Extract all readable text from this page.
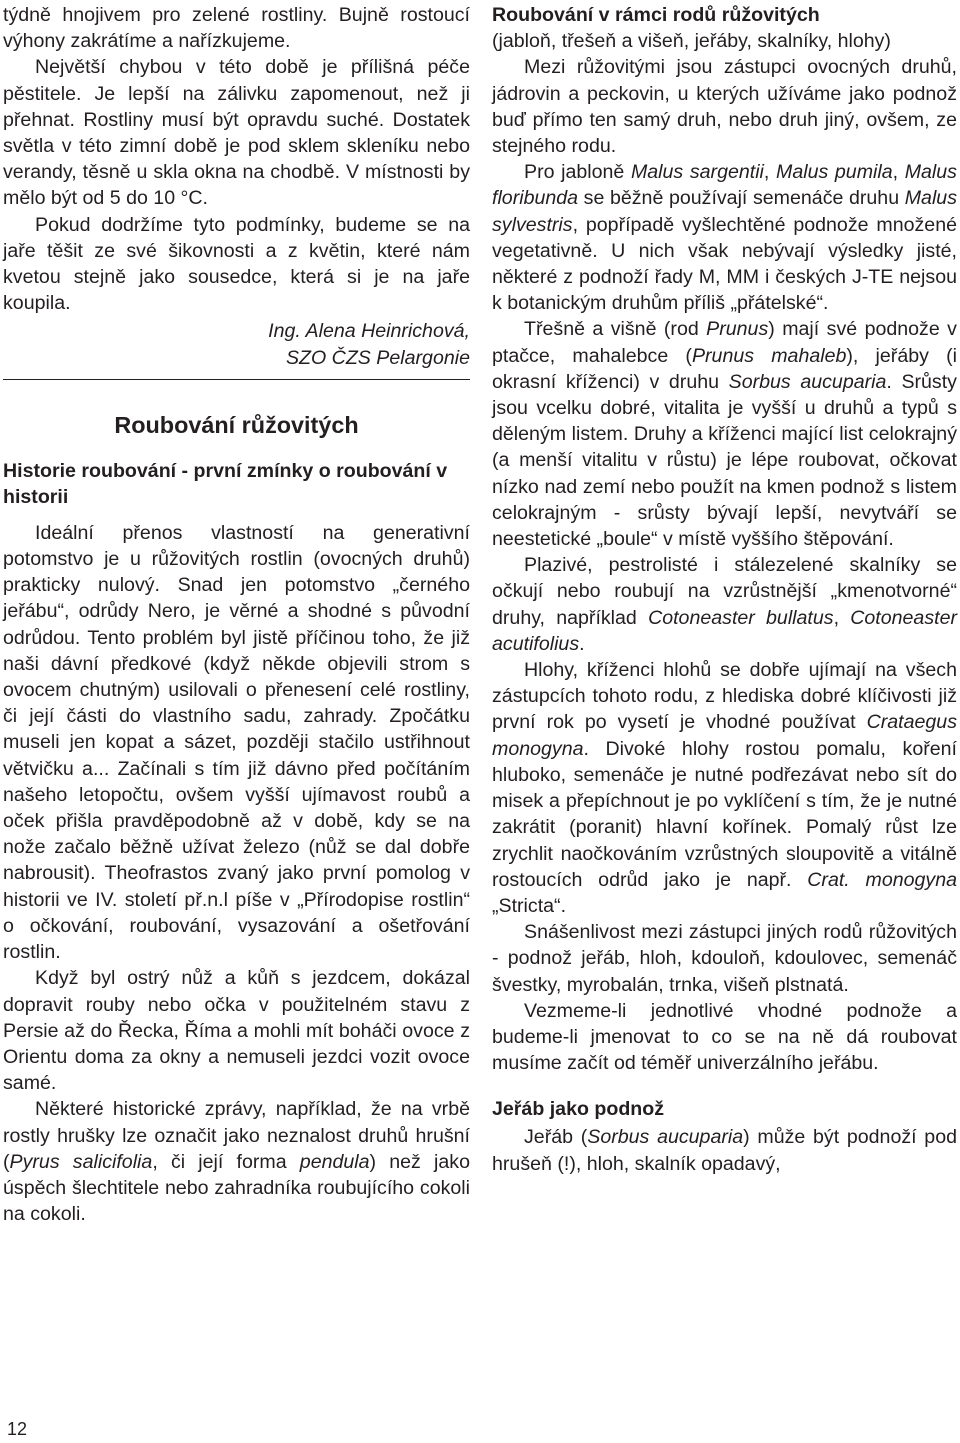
týdně hnojivem pro zelené rostliny. Bujně rostoucí výhony zakrátíme a nařízkujeme.

Největší chybou v této době je přílišná péče pěstitele. Je lepší na zálivku zapomenout, než ji přehnat. Rostliny musí být opravdu suché. Dostatek světla v této zimní době je pod sklem skleníku nebo verandy, těsně u skla okna na chodbě. V místnosti by mělo být od 5 do 10 °C.

Pokud dodržíme tyto podmínky, budeme se na jaře těšit ze své šikovnosti a z květin, které nám kvetou stejně jako sousedce, která si je na jaře koupila.

Ing. Alena Heinrichová,
SZO ČZS Pelargonie

Roubování růžovitých
Historie roubování - první zmínky o roubování v historii

Ideální přenos vlastností na generativní potomstvo je u růžovitých rostlin (ovocných druhů) prakticky nulový. Snad jen potomstvo „černého jeřábu“, odrůdy Nero, je věrné a shodné s původní odrůdou. Tento problém byl jistě příčinou toho, že již naši dávní předkové (když někde objevili strom s ovocem chutným) usilovali o přenesení celé rostliny, či její části do vlastního sadu, zahrady. Zpočátku museli jen kopat a sázet, později stačilo ustřihnout větvičku a... Začínali s tím již dávno před počítáním našeho letopočtu, ovšem vyšší ujímavost roubů a oček přišla pravděpodobně až v době, kdy se na nože začalo běžně užívat železo (nůž se dal dobře nabrousit). Theofrastos zvaný jako první pomolog v historii ve IV. století př.n.l píše v „Přírodopise rostlin“ o očkování, roubování, vysazování a ošetřování rostlin.

Když byl ostrý nůž a kůň s jezdcem, dokázal dopravit rouby nebo očka v použitelném stavu z Persie až do Řecka, Říma a mohli mít boháči ovoce z Orientu doma za okny a nemuseli jezdci vozit ovoce samé.

Některé historické zprávy, například, že na vrbě rostly hrušky lze označit jako neznalost druhů hrušní (Pyrus salicifolia, či její forma pendula) než jako úspěch šlechtitele nebo zahradníka roubujícího cokoli na cokoli.

Roubování v rámci rodů růžovitých

(jabloň, třešeň a višeň, jeřáby, skalníky, hlohy)

Mezi růžovitými jsou zástupci ovocných druhů, jádrovin a peckovin, u kterých užíváme jako podnož buď přímo ten samý druh, nebo druh jiný, ovšem, ze stejného rodu.

Pro jabloně Malus sargentii, Malus pumila, Malus floribunda se běžně používají semenáče druhu Malus sylvestris, popřípadě vyšlechtěné podnože množené vegetativně. U nich však nebývají výsledky jisté, některé z podnoží řady M, MM i českých J-TE nejsou k botanickým druhům příliš „přátelské“.

Třešně a višně (rod Prunus) mají své podnože v ptačce, mahalebce (Prunus mahaleb), jeřáby (i okrasní kříženci) v druhu Sorbus aucuparia. Srůsty jsou vcelku dobré, vitalita je vyšší u druhů a typů s děleným listem. Druhy a kříženci mající list celokrajný (a menší vitalitu v růstu) je lépe roubovat, očkovat nízko nad zemí nebo použít na kmen podnož s listem celokrajným - srůsty bývají lepší, nevytváří se neestetické „boule“ v místě vyššího štěpování.

Plazivé, pestrolisté i stálezelené skalníky se očkují nebo roubují na vzrůstnější „kmenotvorné“ druhy, například Cotoneaster bullatus, Cotoneaster acutifolius.

Hlohy, kříženci hlohů se dobře ujímají na všech zástupcích tohoto rodu, z hlediska dobré klíčivosti již první rok po vysetí je vhodné používat Crataegus monogyna. Divoké hlohy rostou pomalu, koření hluboko, semenáče je nutné podřezávat nebo sít do misek a přepíchnout je po vyklíčení s tím, že je nutné zakrátit (poranit) hlavní kořínek. Pomalý růst lze zrychlit naočkováním vzrůstných sloupovitě a vitálně rostoucích odrůd jako je např. Crat. monogyna „Stricta“.

Snášenlivost mezi zástupci jiných rodů růžovitých - podnož jeřáb, hloh, kdouloň, kdoulovec, semenáč švestky, myrobalán, trnka, višeň plstnatá.

Vezmeme-li jednotlivé vhodné podnože a budeme-li jmenovat to co se na ně dá roubovat musíme začít od téměř univerzálního jeřábu.

Jeřáb jako podnož

Jeřáb (Sorbus aucuparia) může být podnoží pod hrušeň (!), hloh, skalník opadavý,

12
